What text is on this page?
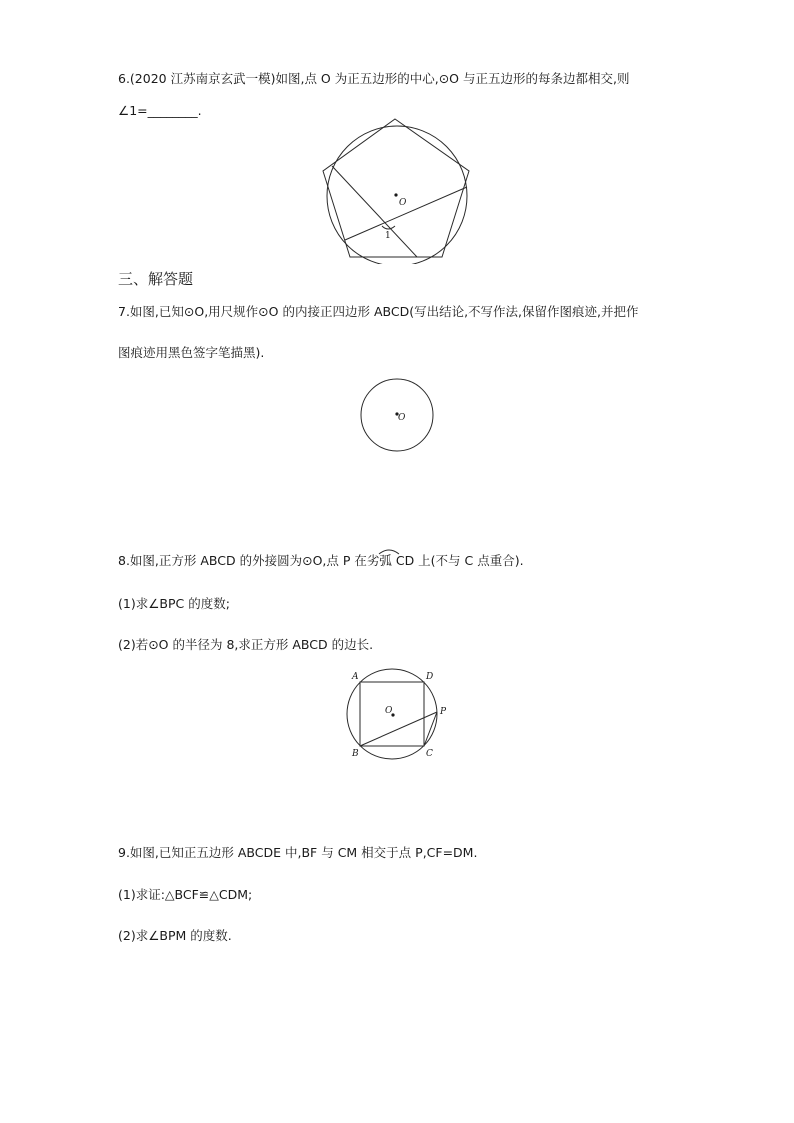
6.(2020 江苏南京玄武一模)如图,点 O 为正五边形的中心,⊙O 与正五边形的每条边都相交,则
∠1=________.
O
1
三、解答题
7.如图,已知⊙O,用尺规作⊙O 的内接正四边形 ABCD(写出结论,不写作法,保留作图痕迹,并把作
图痕迹用黑色签字笔描黑).
O
8.如图,正方形 ABCD 的外接圆为⊙O,点 P 在劣弧 CD 上(不与 C 点重合).
(1)求∠BPC 的度数;
(2)若⊙O 的半径为 8,求正方形 ABCD 的边长.
A	D
O	P
B	C
9.如图,已知正五边形 ABCDE 中,BF 与 CM 相交于点 P,CF=DM.
(1)求证:△BCF≌△CDM;
(2)求∠BPM 的度数.
